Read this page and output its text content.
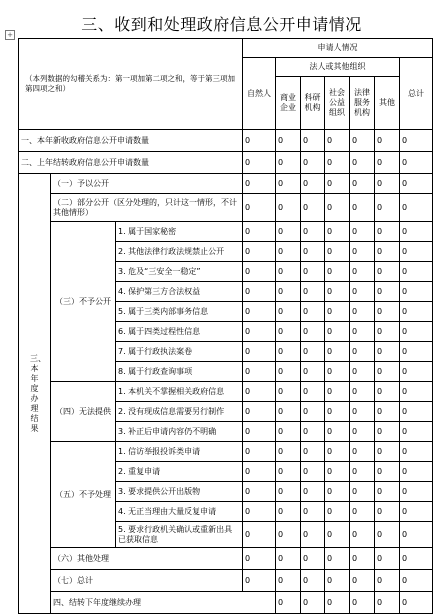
三、收到和处理政府信息公开申请情况
+
（本列数据的勾稽关系为：第一项加第二项之和，等于第三项加第四项之和）			申请人情况							
			自然人	法人或其他组织					总计	
				商业企业	科研机构	社会公益组织	法律服务机构	其他		
一、本年新收政府信息公开申请数量			0	0	0	0	0	0	0	
二、上年结转政府信息公开申请数量			0	0	0	0	0	0	0	
三、本年度办理结果	（一）予以公开		0	0	0	0	0	0	0	
	（二）部分公开（区分处理的，只计这一情形，不计其他情形）		0	0	0	0	0	0	0	
	（三）不予公开	1. 属于国家秘密	0	0	0	0	0	0	0	
		2. 其他法律行政法规禁止公开	0	0	0	0	0	0	0	
		3. 危及“三安全一稳定”	0	0	0	0	0	0	0	
		4. 保护第三方合法权益	0	0	0	0	0	0	0	
		5. 属于三类内部事务信息	0	0	0	0	0	0	0	
		6. 属于四类过程性信息	0	0	0	0	0	0	0	
		7. 属于行政执法案卷	0	0	0	0	0	0	0	
		8. 属于行政查询事项	0	0	0	0	0	0	0	
	（四）无法提供	1. 本机关不掌握相关政府信息	0	0	0	0	0	0	0	
		2. 没有现成信息需要另行制作	0	0	0	0	0	0	0	
		3. 补正后申请内容仍不明确	0	0	0	0	0	0	0	
	（五）不予处理	1. 信访举报投诉类申请	0	0	0	0	0	0	0	
		2. 重复申请	0	0	0	0	0	0	0	
		3. 要求提供公开出版物	0	0	0	0	0	0	0	
		4. 无正当理由大量反复申请	0	0	0	0	0	0	0	
		5. 要求行政机关确认或重新出具已获取信息	0	0	0	0	0	0	0	
	（六）其他处理		0	0	0	0	0	0	0	
	（七）总计		0	0	0	0	0	0	0	
	四、结转下年度继续办理			0	0	0	0	0	0	
